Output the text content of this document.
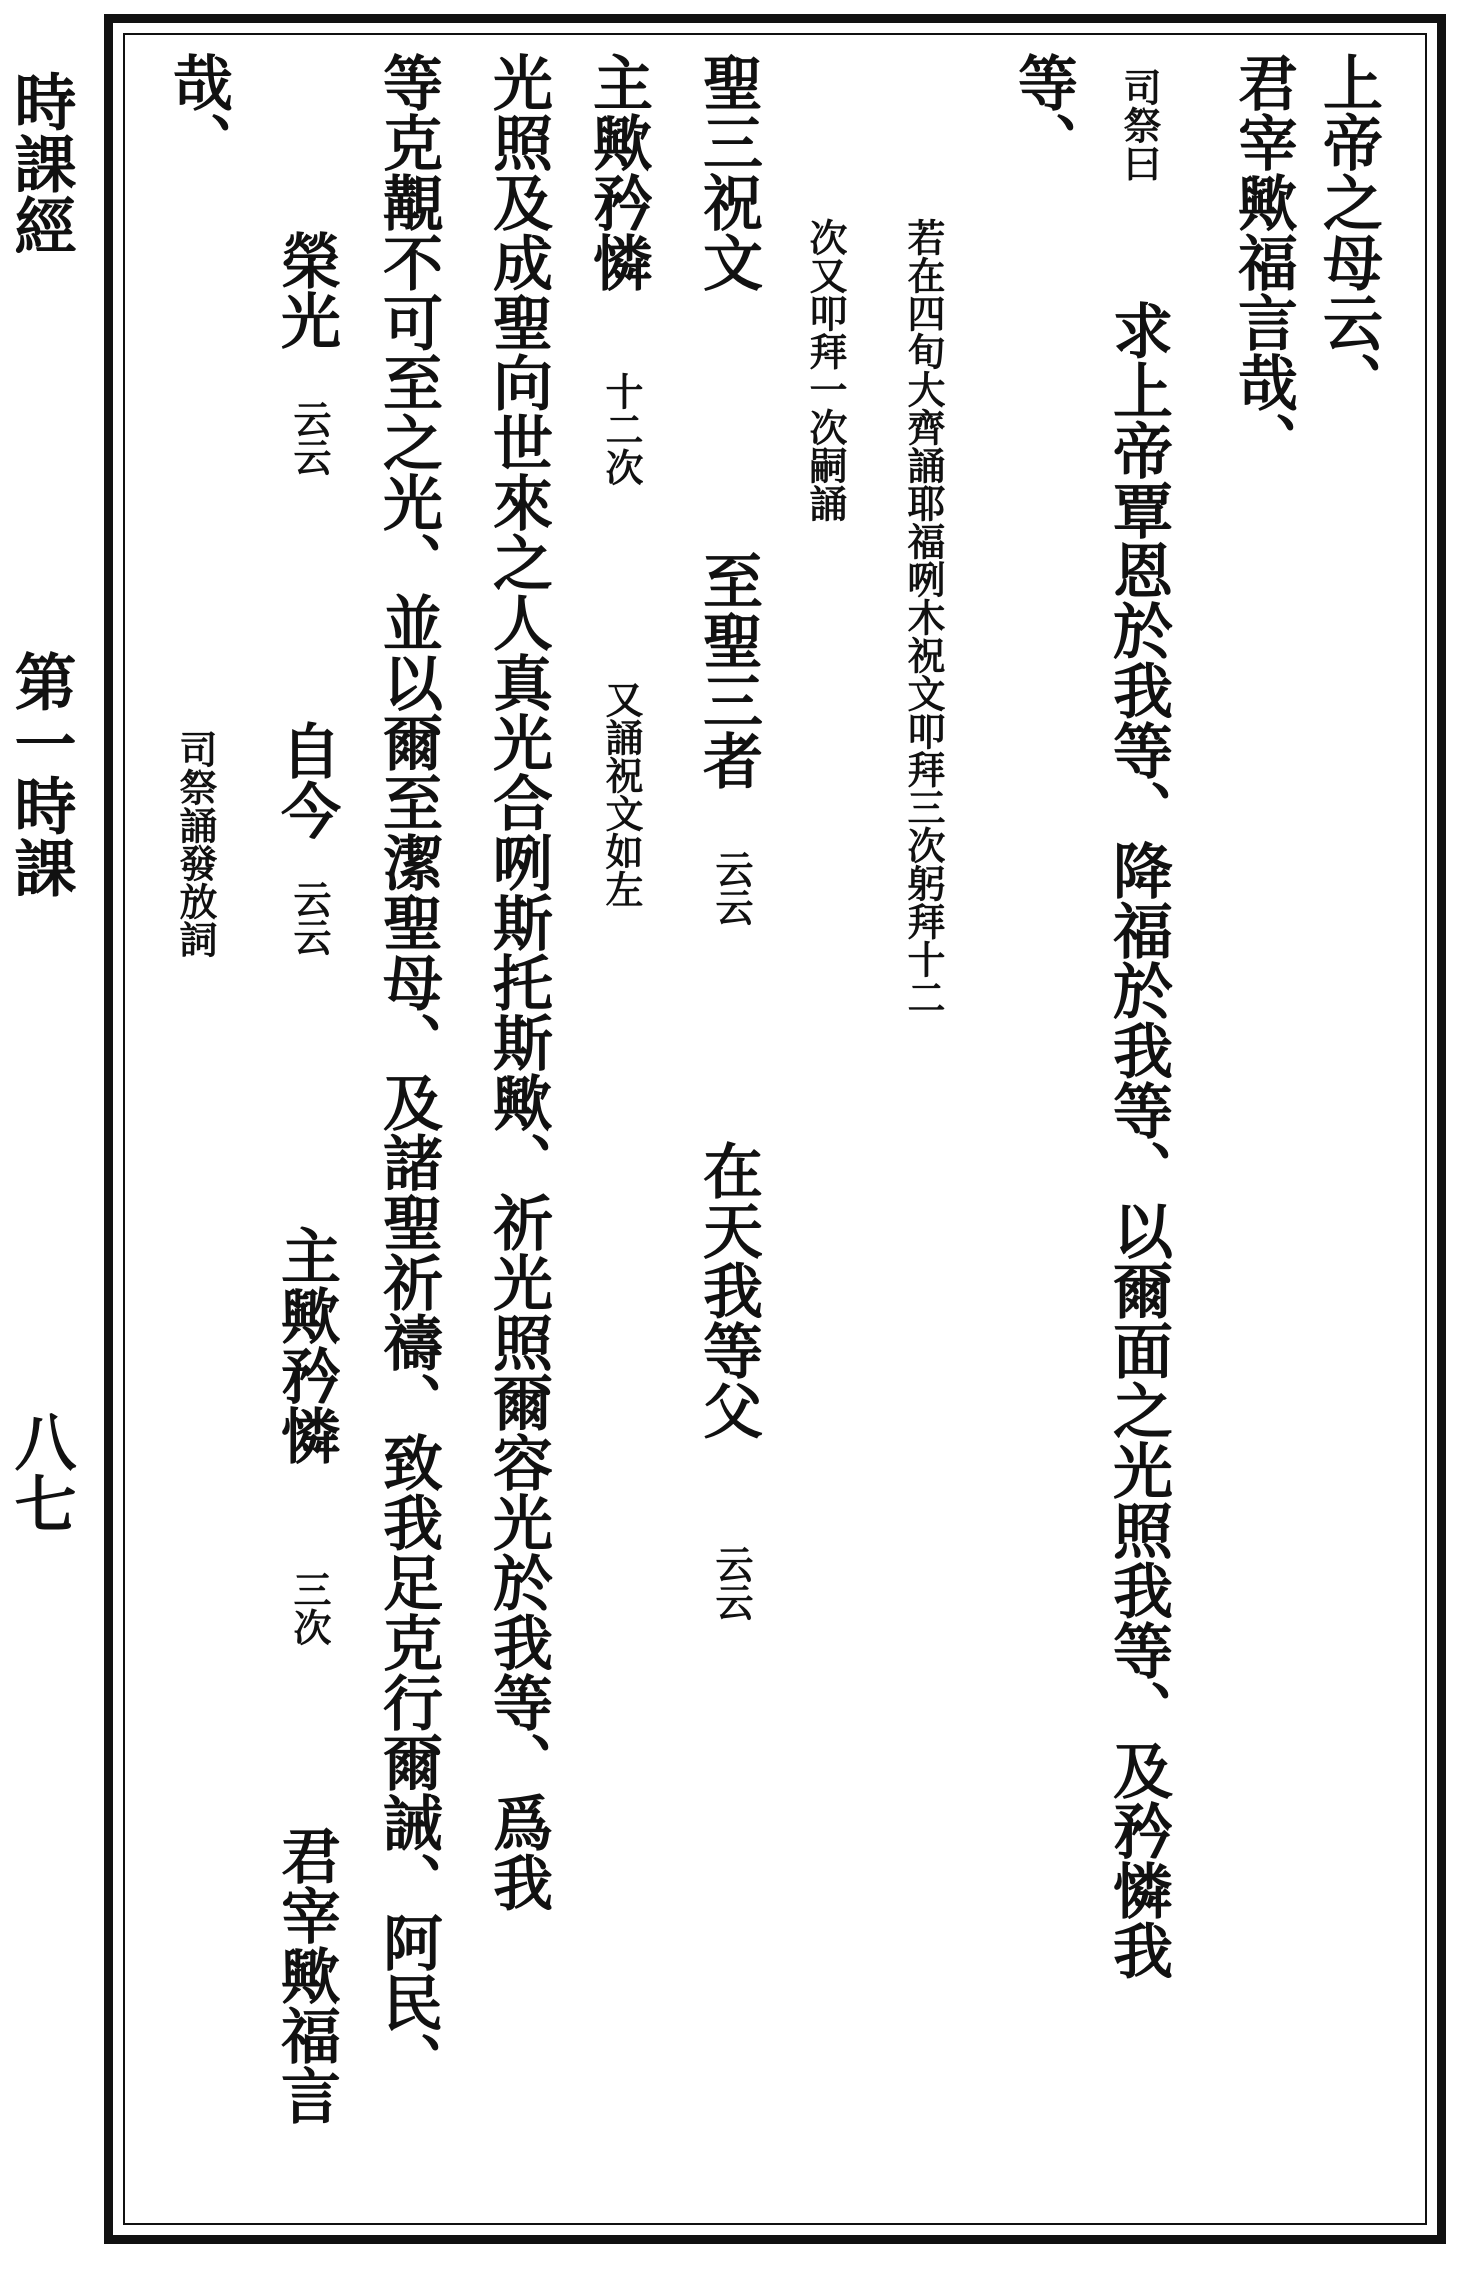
時課經
第一時課
八七
上帝之母云、
君宰歟福言哉、
司祭曰
求上帝覃恩於我等、降福於我等、以爾面之光照我等、及矜憐我
等、
若在四旬大齊誦耶福咧木祝文叩拜三次躬拜十二
次又叩拜一次嗣誦
聖三祝文
至聖三者
云云
在天我等父
云云
主歟矜憐
十二次
又誦祝文如左
光照及成聖向世來之人真光合咧斯托斯歟、祈光照爾容光於我等、爲我
等克覯不可至之光、並以爾至潔聖母、及諸聖祈禱、致我足克行爾誡、阿民、
榮光
云云
自今
云云
主歟矜憐
三次
君宰歟福言
司祭誦發放詞
哉、
